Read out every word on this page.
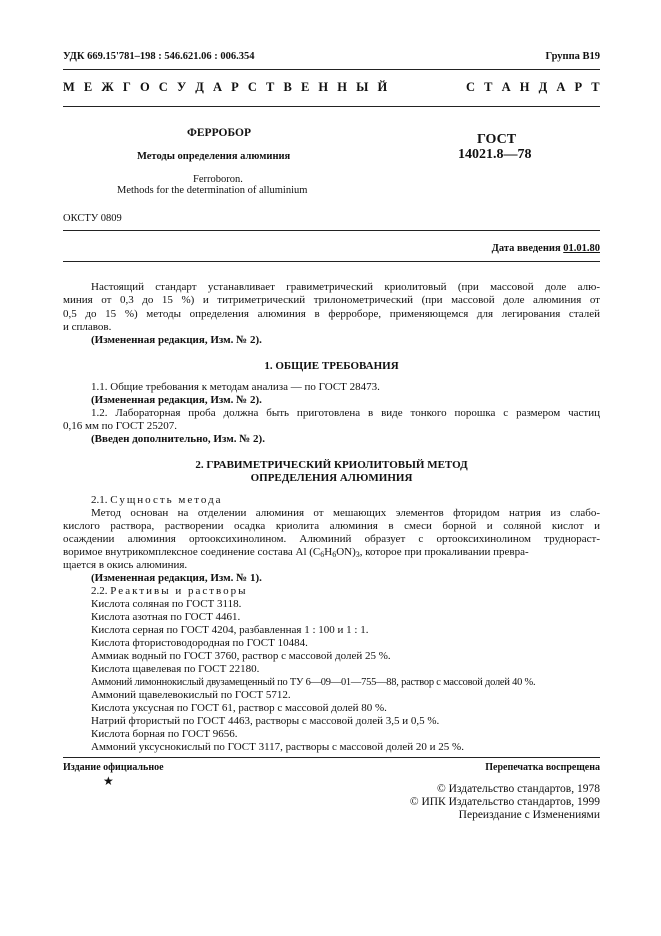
УДК 669.15'781–198 : 546.621.06 : 006.354	Группа В19
М Е Ж Г О С У Д А Р С Т В Е Н Н Ы Й	С Т А Н Д А Р Т
ФЕРРОБОР
Методы определения алюминия
Ferroboron.
Methods for the determination of alluminium
ГОСТ
14021.8—78
ОКСТУ 0809
Дата введения 01.01.80
Настоящий стандарт устанавливает гравиметрический криолитовый (при массовой доле алю-
миния от 0,3 до 15 %) и титриметрический трилонометрический (при массовой доле алюминия от
0,5 до 15 %) методы определения алюминия в ферроборе, применяющемся для легирования сталей
и сплавов.
(Измененная редакция, Изм. № 2).
1. ОБЩИЕ ТРЕБОВАНИЯ
1.1. Общие требования к методам анализа — по ГОСТ 28473.
(Измененная редакция, Изм. № 2).
1.2. Лабораторная проба должна быть приготовлена в виде тонкого порошка с размером частиц
0,16 мм по ГОСТ 25207.
(Введен дополнительно, Изм. № 2).
2. ГРАВИМЕТРИЧЕСКИЙ КРИОЛИТОВЫЙ МЕТОД
ОПРЕДЕЛЕНИЯ АЛЮМИНИЯ
2.1. Сущность метода
Метод основан на отделении алюминия от мешающих элементов фторидом натрия из слабо-
кислого раствора, растворении осадка криолита алюминия в смеси борной и соляной кислот и
осаждении алюминия ортооксихинолином. Алюминий образует с ортооксихинолином труднораст-
воримое внутрикомплексное соединение состава Al $(C_6H_6ON)_3$, которое при прокаливании превра-
щается в окись алюминия.
(Измененная редакция, Изм. № 1).
2.2. Реактивы и растворы
Кислота соляная по ГОСТ 3118.
Кислота азотная по ГОСТ 4461.
Кислота серная по ГОСТ 4204, разбавленная 1 : 100 и 1 : 1.
Кислота фтористоводородная по ГОСТ 10484.
Аммиак водный по ГОСТ 3760, раствор с массовой долей 25 %.
Кислота щавелевая по ГОСТ 22180.
Аммоний лимоннокислый двузамещенный по ТУ 6—09—01—755—88, раствор с массовой долей 40 %.
Аммоний щавелевокислый по ГОСТ 5712.
Кислота уксусная по ГОСТ 61, раствор с массовой долей 80 %.
Натрий фтористый по ГОСТ 4463, растворы с массовой долей 3,5 и 0,5 %.
Кислота борная по ГОСТ 9656.
Аммоний уксуснокислый по ГОСТ 3117, растворы с массовой долей 20 и 25 %.
Издание официальное
★
Перепечатка воспрещена
© Издательство стандартов, 1978
© ИПК Издательство стандартов, 1999
Переиздание с Изменениями
